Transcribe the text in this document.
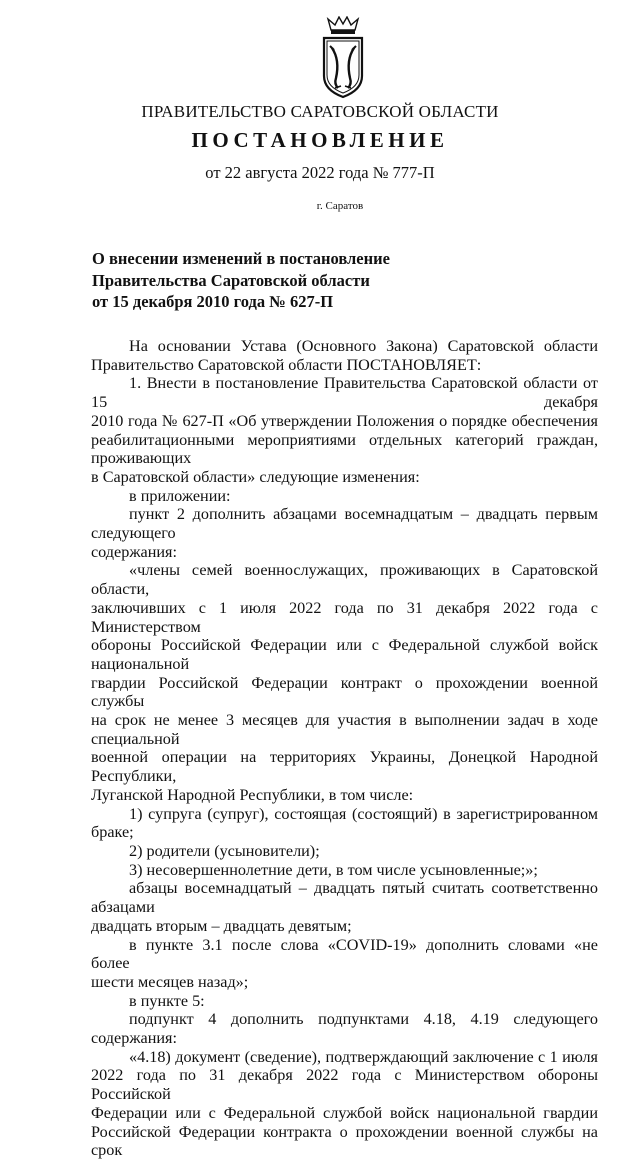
ПРАВИТЕЛЬСТВО САРАТОВСКОЙ ОБЛАСТИ
ПОСТАНОВЛЕНИЕ
от 22 августа 2022 года № 777-П
г. Саратов
О внесении изменений в постановление
Правительства Саратовской области
от 15 декабря 2010 года № 627-П

На основании Устава (Основного Закона) Саратовской области

Правительство Саратовской области ПОСТАНОВЛЯЕТ:

1. Внести в постановление Правительства Саратовской области от 15 декабря

2010 года № 627-П «Об утверждении Положения о порядке обеспечения

реабилитационными мероприятиями отдельных категорий граждан, проживающих

в Саратовской области» следующие изменения:

в приложении:

пункт 2 дополнить абзацами восемнадцатым – двадцать первым следующего

содержания:

«члены семей военнослужащих, проживающих в Саратовской области,

заключивших с 1 июля 2022 года по 31 декабря 2022 года с Министерством

обороны Российской Федерации или с Федеральной службой войск национальной

гвардии Российской Федерации контракт о прохождении военной службы

на срок не менее 3 месяцев для участия в выполнении задач в ходе специальной

военной операции на территориях Украины, Донецкой Народной Республики,

Луганской Народной Республики, в том числе:

1) супруга (супруг), состоящая (состоящий) в зарегистрированном браке;

2) родители (усыновители);

3) несовершеннолетние дети, в том числе усыновленные;»;

абзацы восемнадцатый – двадцать пятый считать соответственно абзацами

двадцать вторым – двадцать девятым;

в пункте 3.1 после слова «COVID-19» дополнить словами «не более

шести месяцев назад»;

в пункте 5:

подпункт 4 дополнить подпунктами 4.18, 4.19 следующего содержания:

«4.18) документ (сведение), подтверждающий заключение с 1 июля

2022 года по 31 декабря 2022 года с Министерством обороны Российской

Федерации или с Федеральной службой войск национальной гвардии

Российской Федерации контракта о прохождении военной службы на срок
